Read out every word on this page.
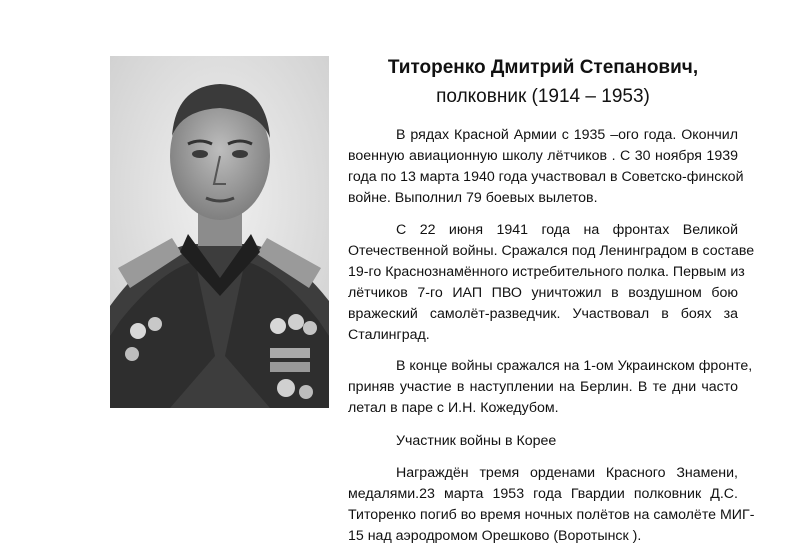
Титоренко Дмитрий Степанович,
полковник (1914 – 1953)
В рядах Красной Армии с 1935 –ого года. Окончил
военную авиационную школу лётчиков . С 30 ноября 1939
года по 13 марта 1940 года участвовал в Советско-финской
войне. Выполнил 79 боевых вылетов.
С 22 июня 1941 года на фронтах Великой
Отечественной войны. Сражался под Ленинградом в составе
19-го Краснознамённого истребительного полка. Первым из
лётчиков 7-го ИАП ПВО уничтожил в воздушном бою
вражеский самолёт-разведчик. Участвовал в боях за
Сталинград.
В конце войны сражался на 1-ом Украинском фронте,
приняв участие в наступлении на Берлин. В те дни часто
летал в паре с И.Н. Кожедубом.
Участник войны в Корее
Награждён тремя орденами Красного Знамени,
медалями.23 марта 1953 года Гвардии полковник Д.С.
Титоренко погиб во время ночных полётов на самолёте МИГ-
15 над аэродромом Орешково (Воротынск ).
